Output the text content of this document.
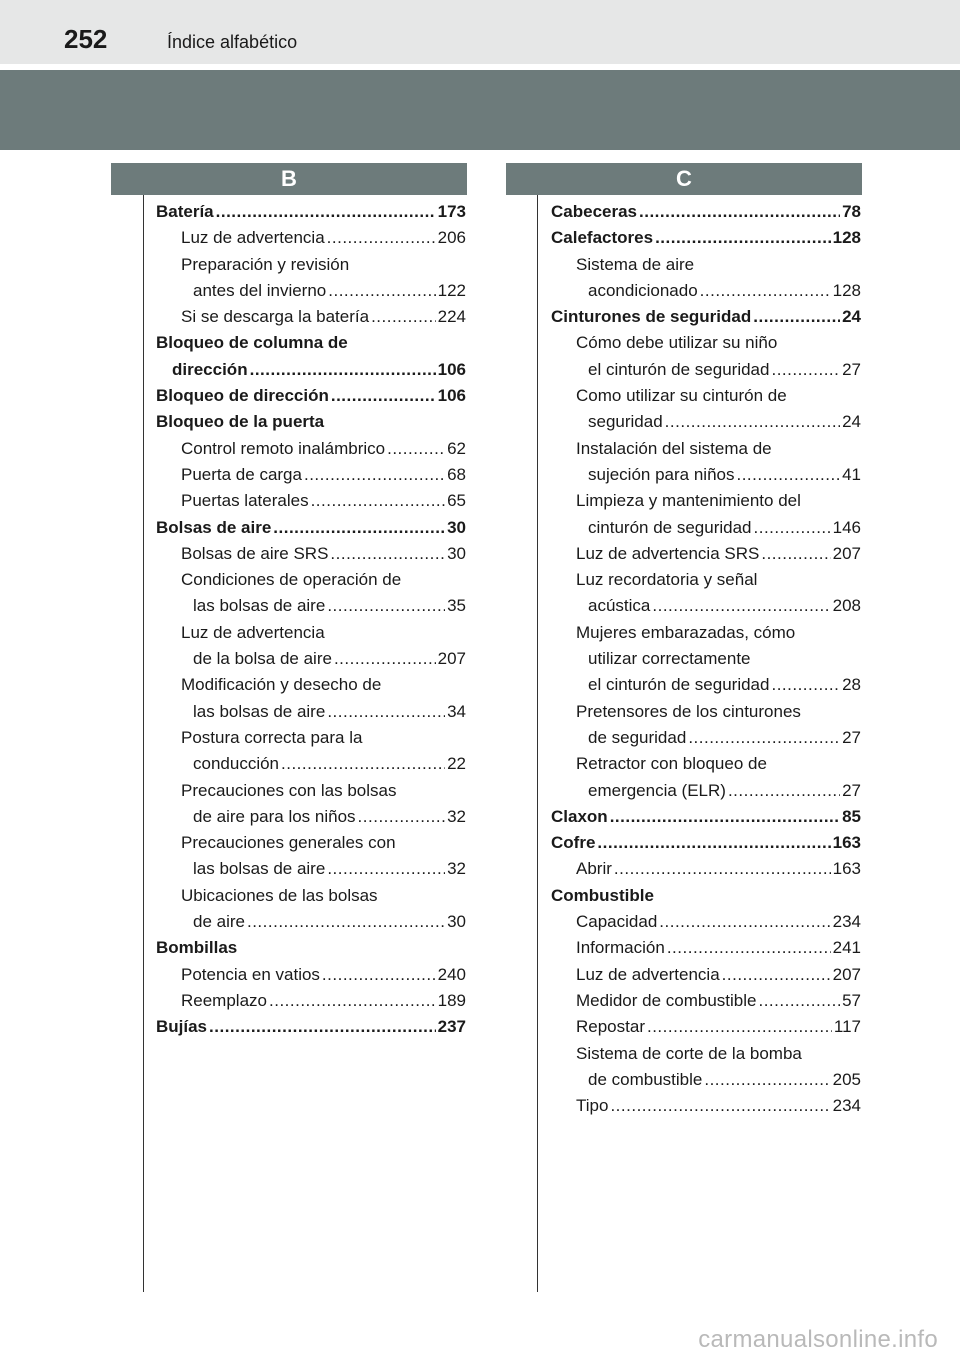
252	Índice alfabético
B	C
Batería .....	173
Luz de advertencia .....	206
Preparación y revisión
antes del invierno .....	122
Si se descarga la batería .....	224
Bloqueo de columna de
dirección .....	106
Bloqueo de dirección .....	106
Bloqueo de la puerta
Control remoto inalámbrico .....	62
Puerta de carga .....	68
Puertas laterales .....	65
Bolsas de aire .....	30
Bolsas de aire SRS .....	30
Condiciones de operación de
las bolsas de aire .....	35
Luz de advertencia
de la bolsa de aire .....	207
Modificación y desecho de
las bolsas de aire .....	34
Postura correcta para la
conducción .....	22
Precauciones con las bolsas
de aire para los niños .....	32
Precauciones generales con
las bolsas de aire .....	32
Ubicaciones de las bolsas
de aire .....	30
Bombillas
Potencia en vatios .....	240
Reemplazo .....	189
Bujías .....	237
Cabeceras .....	78
Calefactores .....	128
Sistema de aire
acondicionado .....	128
Cinturones de seguridad .....	24
Cómo debe utilizar su niño
el cinturón de seguridad .....	27
Como utilizar su cinturón de
seguridad .....	24
Instalación del sistema de
sujeción para niños .....	41
Limpieza y mantenimiento del
cinturón de seguridad .....	146
Luz de advertencia SRS .....	207
Luz recordatoria y señal
acústica .....	208
Mujeres embarazadas, cómo
utilizar correctamente
el cinturón de seguridad .....	28
Pretensores de los cinturones
de seguridad .....	27
Retractor con bloqueo de
emergencia (ELR) .....	27
Claxon .....	85
Cofre .....	163
Abrir .....	163
Combustible
Capacidad .....	234
Información .....	241
Luz de advertencia .....	207
Medidor de combustible .....	57
Repostar .....	117
Sistema de corte de la bomba
de combustible .....	205
Tipo .....	234
carmanualsonline.info
